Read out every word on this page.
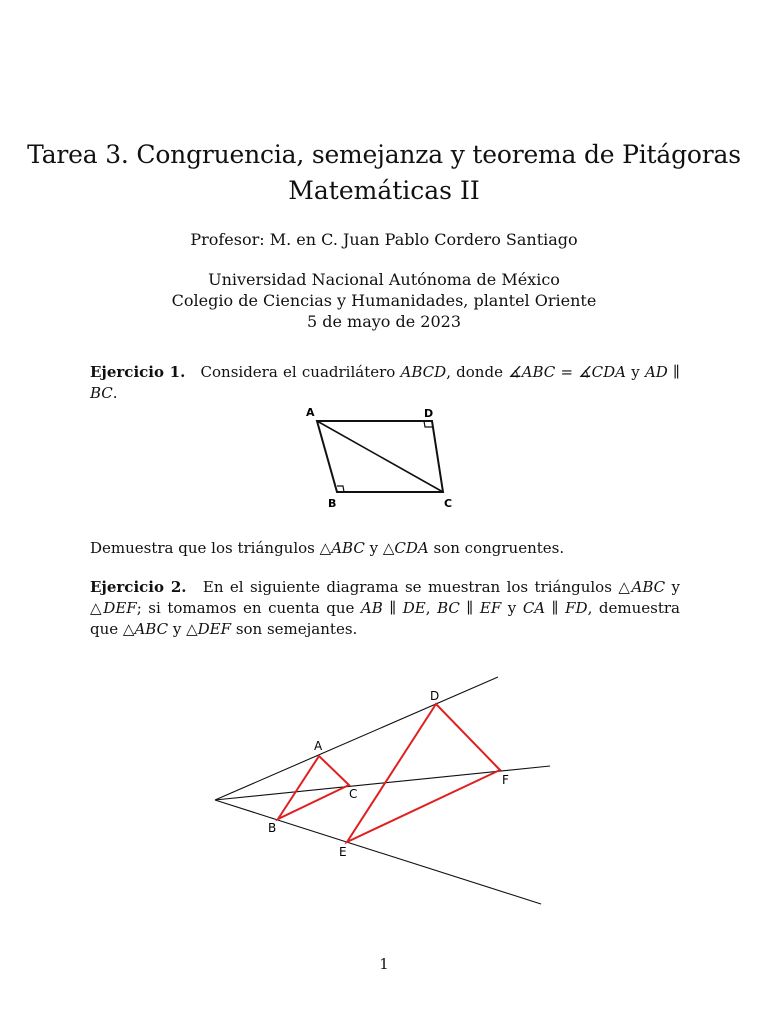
Tarea 3. Congruencia, semejanza y teorema de Pitágoras
Matemáticas II
Profesor: M. en C. Juan Pablo Cordero Santiago
Universidad Nacional Autónoma de México
Colegio de Ciencias y Humanidades, plantel Oriente
5 de mayo de 2023
Ejercicio 1. Considera el cuadrilátero ABCD, donde ∡ABC = ∡CDA y AD ∥ BC.
A	D
B	C
Demuestra que los triángulos △ABC y △CDA son congruentes.
Ejercicio 2. En el siguiente diagrama se muestran los triángulos △ABC y △DEF; si tomamos en cuenta que AB ∥ DE, BC ∥ EF y CA ∥ FD, demuestra que △ABC y △DEF son semejantes.
D
A
C
F
B
E
1
